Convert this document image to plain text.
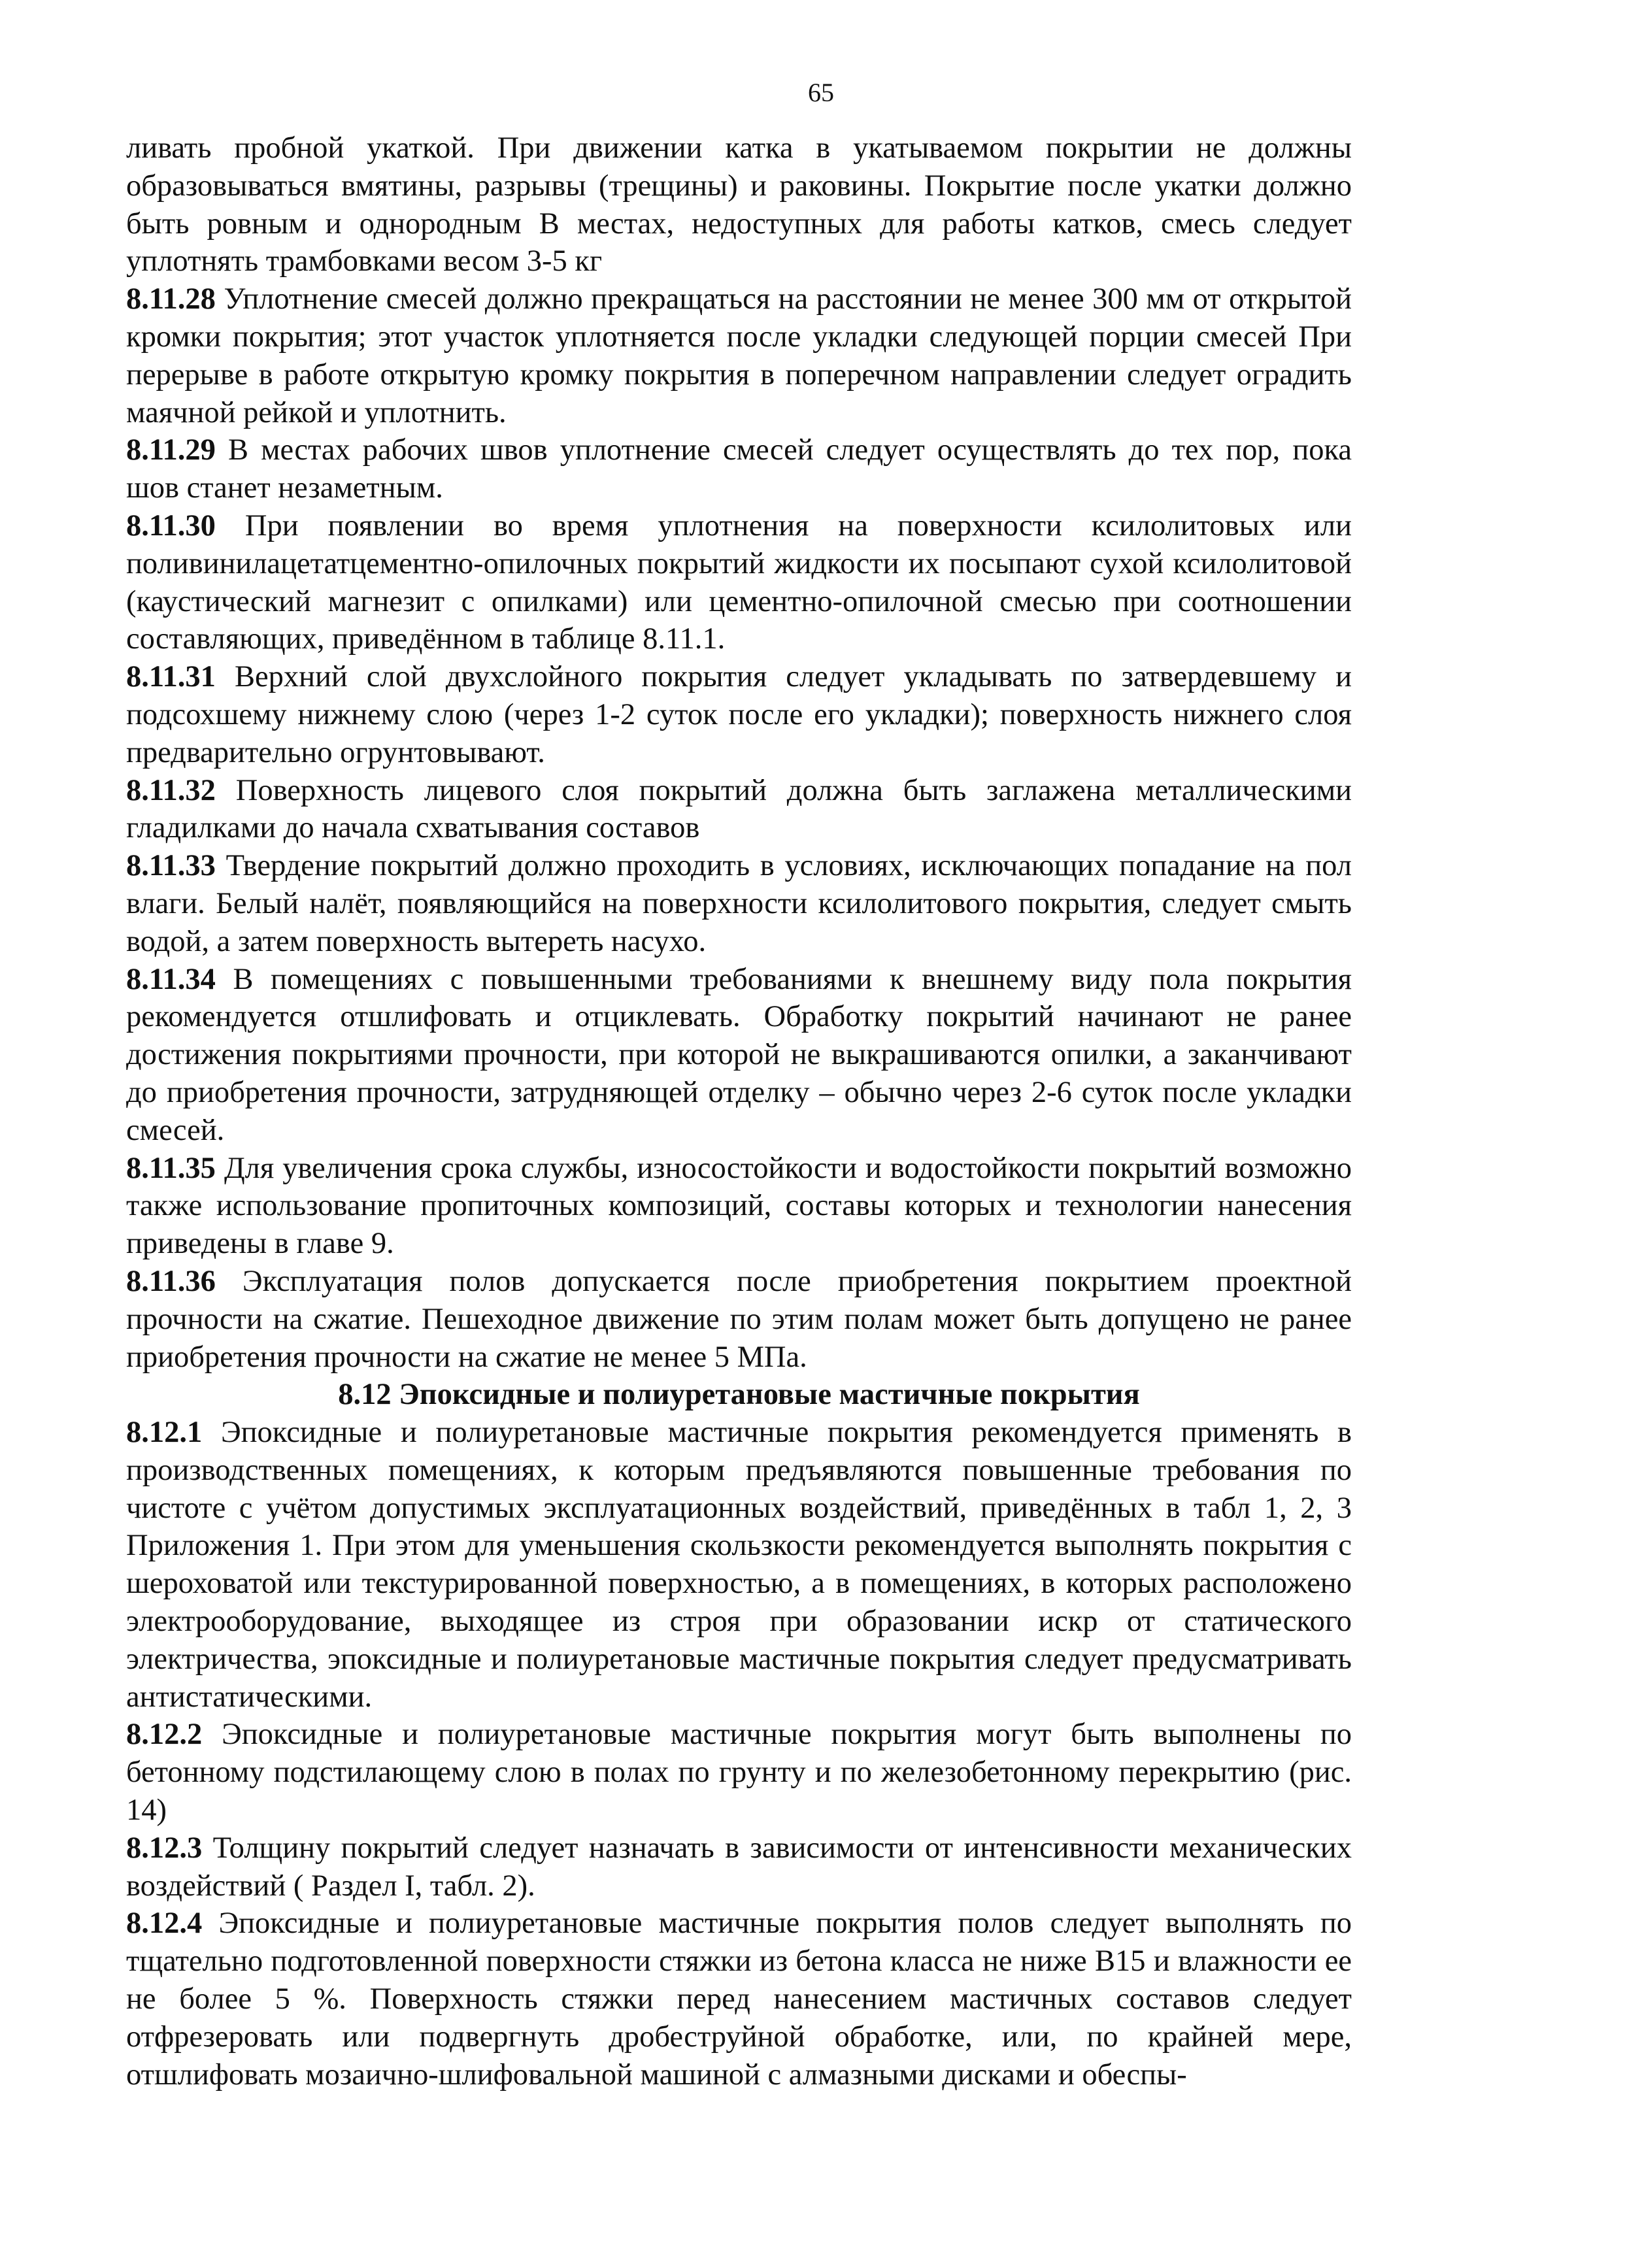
65

ливать пробной укаткой. При движении катка в укатываемом покрытии не должны образовываться вмятины, разрывы (трещины) и раковины. Покрытие после укатки должно быть ровным и однородным В местах, недоступных для работы катков, смесь следует уплотнять трамбовками весом 3-5 кг

8.11.28 Уплотнение смесей должно прекращаться на расстоянии не менее 300 мм от открытой кромки покрытия; этот участок уплотняется после укладки следующей порции смесей При перерыве в работе открытую кромку покрытия в поперечном направлении следует оградить маячной рейкой и уплотнить.

8.11.29 В местах рабочих швов уплотнение смесей следует осуществлять до тех пор, пока шов станет незаметным.

8.11.30 При появлении во время уплотнения на поверхности ксилолитовых или поливинилацетатцементно-опилочных покрытий жидкости их посыпают сухой ксилолитовой (каустический магнезит с опилками) или цементно-опилочной смесью при соотношении составляющих, приведённом в таблице 8.11.1.

8.11.31 Верхний слой двухслойного покрытия следует укладывать по затвердевшему и подсохшему нижнему слою (через 1-2 суток после его укладки); поверхность нижнего слоя предварительно огрунтовывают.

8.11.32 Поверхность лицевого слоя покрытий должна быть заглажена металлическими гладилками до начала схватывания составов

8.11.33 Твердение покрытий должно проходить в условиях, исключающих попадание на пол влаги. Белый налёт, появляющийся на поверхности ксилолитового покрытия, следует смыть водой, а затем поверхность вытереть насухо.

8.11.34 В помещениях с повышенными требованиями к внешнему виду пола покрытия рекомендуется отшлифовать и отциклевать. Обработку покрытий начинают не ранее достижения покрытиями прочности, при которой не выкрашиваются опилки, а заканчивают до приобретения прочности, затрудняющей отделку – обычно через 2-6 суток после укладки смесей.

8.11.35 Для увеличения срока службы, износостойкости и водостойкости покрытий возможно также использование пропиточных композиций, составы которых и технологии нанесения приведены в главе 9.

8.11.36 Эксплуатация полов допускается после приобретения покрытием проектной прочности на сжатие. Пешеходное движение по этим полам может быть допущено не ранее приобретения прочности на сжатие не менее 5 МПа.

8.12 Эпоксидные и полиуретановые мастичные покрытия

8.12.1 Эпоксидные и полиуретановые мастичные покрытия рекомендуется применять в производственных помещениях, к которым предъявляются повышенные требования по чистоте с учётом допустимых эксплуатационных воздействий, приведённых в табл 1, 2, 3 Приложения 1. При этом для уменьшения скользкости рекомендуется выполнять покрытия с шероховатой или текстурированной поверхностью, а в помещениях, в которых расположено электрооборудование, выходящее из строя при образовании искр от статического электричества, эпоксидные и полиуретановые мастичные покрытия следует предусматривать антистатическими.

8.12.2 Эпоксидные и полиуретановые мастичные покрытия могут быть выполнены по бетонному подстилающему слою в полах по грунту и по железобетонному перекрытию (рис. 14)

8.12.3 Толщину покрытий следует назначать в зависимости от интенсивности механических воздействий ( Раздел I, табл. 2).

8.12.4 Эпоксидные и полиуретановые мастичные покрытия полов следует выполнять по тщательно подготовленной поверхности стяжки из бетона класса не ниже В15 и влажности ее не более 5 %. Поверхность стяжки перед нанесением мастичных составов следует отфрезеровать или подвергнуть дробеструйной обработке, или, по крайней мере, отшлифовать мозаично-шлифовальной машиной с алмазными дисками и обеспы-
